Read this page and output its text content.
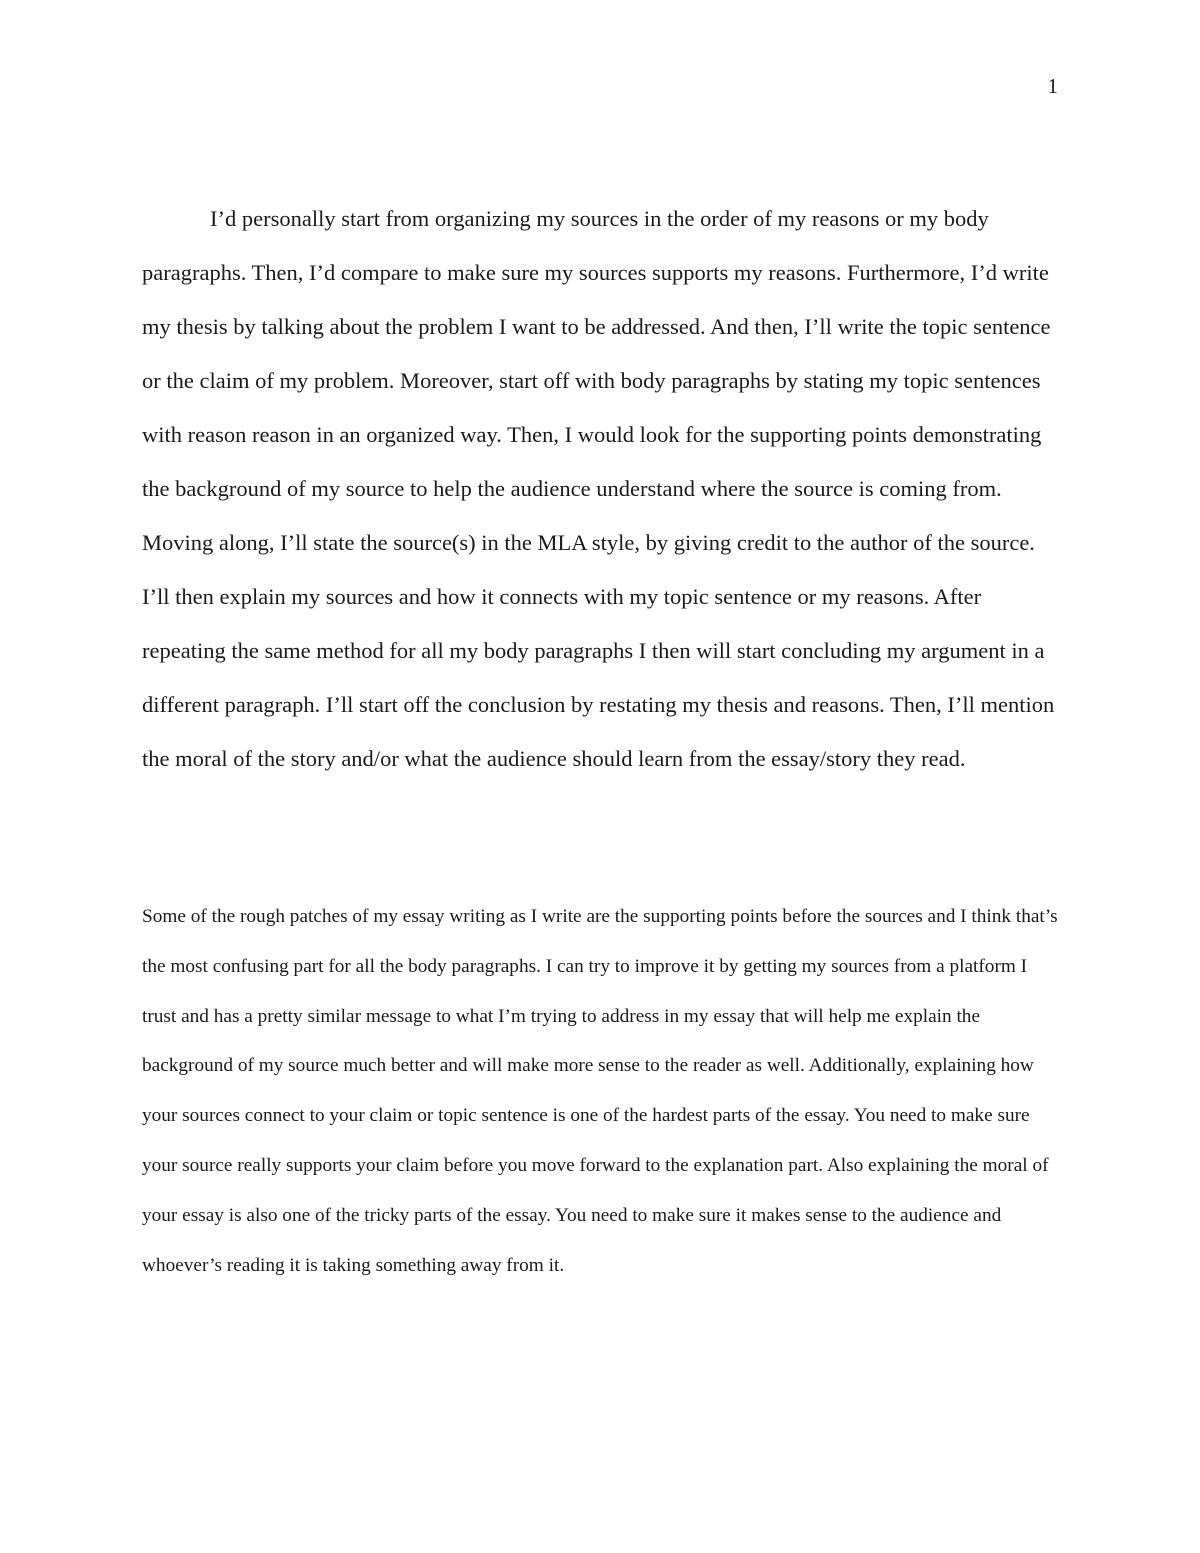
1

I’d personally start from organizing my sources in the order of my reasons or my body paragraphs. Then, I’d compare to make sure my sources supports my reasons. Furthermore, I’d write my thesis by talking about the problem I want to be addressed. And then, I’ll write the topic sentence or the claim of my problem. Moreover, start off with body paragraphs by stating my topic sentences with reason reason in an organized way. Then, I would look for the supporting points demonstrating the background of my source to help the audience understand where the source is coming from. Moving along, I’ll state the source(s) in the MLA style, by giving credit to the author of the source. I’ll then explain my sources and how it connects with my topic sentence or my reasons. After repeating the same method for all my body paragraphs I then will start concluding my argument in a different paragraph. I’ll start off the conclusion by restating my thesis and reasons. Then, I’ll mention the moral of the story and/or what the audience should learn from the essay/story they read.

Some of the rough patches of my essay writing as I write are the supporting points before the sources and I think that’s the most confusing part for all the body paragraphs. I can try to improve it by getting my sources from a platform I trust and has a pretty similar message to what I’m trying to address in my essay that will help me explain the background of my source much better and will make more sense to the reader as well. Additionally, explaining how your sources connect to your claim or topic sentence is one of the hardest parts of the essay. You need to make sure your source really supports your claim before you move forward to the explanation part. Also explaining the moral of your essay is also one of the tricky parts of the essay. You need to make sure it makes sense to the audience and whoever’s reading it is taking something away from it.
